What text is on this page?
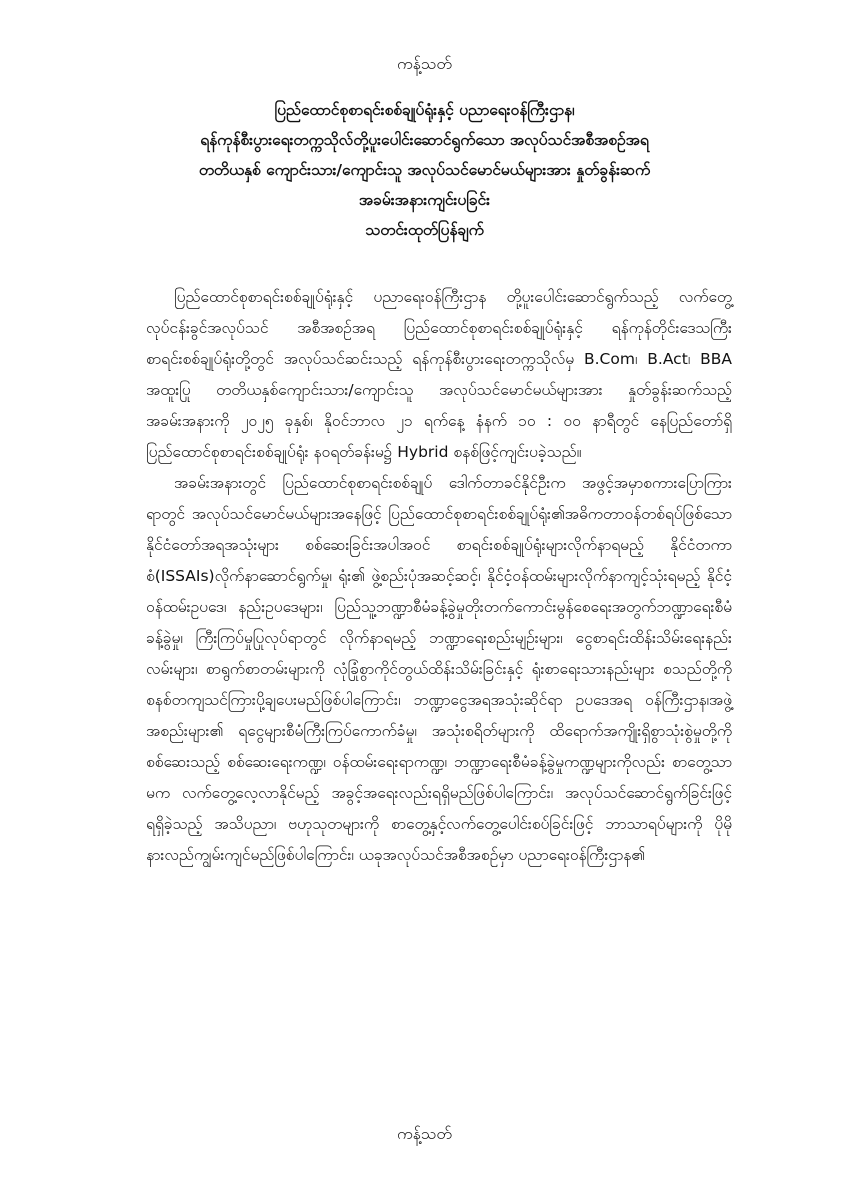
ကန့်သတ်
ပြည်ထောင်စုစာရင်းစစ်ချုပ်ရုံးနှင့် ပညာရေးဝန်ကြီးဌာန၊
ရန်ကုန်စီးပွားရေးတက္ကသိုလ်တို့ပူးပေါင်းဆောင်ရွက်သော အလုပ်သင်အစီအစဉ်အရ
တတိယနှစ် ကျောင်းသား/ကျောင်းသူ အလုပ်သင်မောင်မယ်များအား နှုတ်ခွန်းဆက်
အခမ်းအနားကျင်းပခြင်း
သတင်းထုတ်ပြန်ချက်

ပြည်ထောင်စုစာရင်းစစ်ချုပ်ရုံးနှင့် ပညာရေးဝန်ကြီးဌာန တို့ပူးပေါင်းဆောင်ရွက်သည့် လက်တွေ့လုပ်ငန်းခွင်အလုပ်သင် အစီအစဉ်အရ ပြည်ထောင်စုစာရင်းစစ်ချုပ်ရုံးနှင့် ရန်ကုန်တိုင်းဒေသကြီးစာရင်းစစ်ချုပ်ရုံးတို့တွင် အလုပ်သင်ဆင်းသည့် ရန်ကုန်စီးပွားရေးတက္ကသိုလ်မှ B.Com၊ B.Act၊ BBA အထူးပြု တတိယနှစ်ကျောင်းသား/ကျောင်းသူ အလုပ်သင်မောင်မယ်များအား နှုတ်ခွန်းဆက်သည့် အခမ်းအနားကို ၂၀၂၅ ခုနှစ်၊ နိုဝင်ဘာလ ၂၁ ရက်နေ့ နံနက် ၁၀ : ၀၀ နာရီတွင် နေပြည်တော်ရှိ ပြည်ထောင်စုစာရင်းစစ်ချုပ်ရုံး နဝရတ်ခန်းမ၌ Hybrid စနစ်ဖြင့်ကျင်းပခဲ့သည်။

အခမ်းအနားတွင် ပြည်ထောင်စုစာရင်းစစ်ချုပ် ဒေါက်တာခင်နိုင်ဦးက အဖွင့်အမှာစကားပြောကြားရာတွင် အလုပ်သင်မောင်မယ်များအနေဖြင့် ပြည်ထောင်စုစာရင်းစစ်ချုပ်ရုံး၏အဓိကတာဝန်တစ်ရပ်ဖြစ်သော နိုင်ငံတော်အရအသုံးများ စစ်ဆေးခြင်းအပါအဝင် စာရင်းစစ်ချုပ်ရုံးများလိုက်နာရမည့် နိုင်ငံတကာစံ(ISSAIs)လိုက်နာဆောင်ရွက်မှု၊ ရုံး၏ ဖွဲ့စည်းပုံအဆင့်ဆင့်၊ နိုင်ငံ့ဝန်ထမ်းများလိုက်နာကျင့်သုံးရမည့် နိုင်ငံ့ဝန်ထမ်းဥပဒေ၊ နည်းဥပဒေများ၊ ပြည်သူ့ဘဏ္ဍာစီမံခန့်ခွဲမှုတိုးတက်ကောင်းမွန်စေရေးအတွက်ဘဏ္ဍာရေးစီမံခန့်ခွဲမှု၊ ကြီးကြပ်မှုပြုလုပ်ရာတွင် လိုက်နာရမည့် ဘဏ္ဍာရေးစည်းမျဉ်းများ၊ ငွေစာရင်းထိန်းသိမ်းရေးနည်းလမ်းများ၊ စာရွက်စာတမ်းများကို လုံခြုံစွာကိုင်တွယ်ထိန်းသိမ်းခြင်းနှင့် ရုံးစာရေးသားနည်းများ စသည်တို့ကို စနစ်တကျသင်ကြားပို့ချပေးမည်ဖြစ်ပါကြောင်း၊ ဘဏ္ဍာငွေအရအသုံးဆိုင်ရာ ဥပဒေအရ ဝန်ကြီးဌာန၊အဖွဲ့အစည်းများ၏ ရငွေများစီမံကြီးကြပ်ကောက်ခံမှု၊ အသုံးစရိတ်များကို ထိရောက်အကျိုးရှိစွာသုံးစွဲမှုတို့ကိုစစ်ဆေးသည့် စစ်ဆေးရေးကဏ္ဍ၊ ဝန်ထမ်းရေးရာကဏ္ဍ၊ ဘဏ္ဍာရေးစီမံခန့်ခွဲမှုကဏ္ဍများကိုလည်း စာတွေ့သာမက လက်တွေ့လေ့လာနိုင်မည့် အခွင့်အရေးလည်းရရှိမည်ဖြစ်ပါကြောင်း၊ အလုပ်သင်ဆောင်ရွက်ခြင်းဖြင့် ရရှိခဲ့သည့် အသိပညာ၊ ဗဟုသုတများကို စာတွေ့နှင့်လက်တွေ့ပေါင်းစပ်ခြင်းဖြင့် ဘာသာရပ်များကို ပိုမိုနားလည်ကျွမ်းကျင်မည်ဖြစ်ပါကြောင်း၊ ယခုအလုပ်သင်အစီအစဉ်မှာ ပညာရေးဝန်ကြီးဌာန၏

ကန့်သတ်
